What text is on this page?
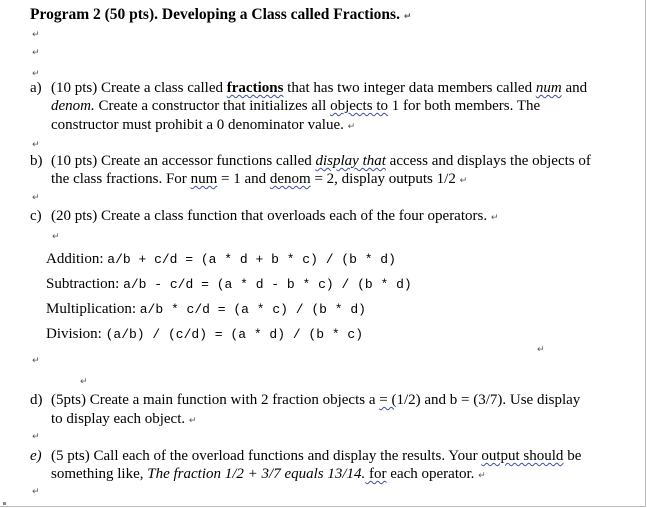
Program 2 (50 pts). Developing a Class called Fractions. ↵
↵
↵
↵
a) (10 pts) Create a class called fractions that has two integer data members called num and
denom. Create a constructor that initializes all objects to 1 for both members. The
constructor must prohibit a 0 denominator value. ↵
↵
b) (10 pts) Create an accessor functions called display that access and displays the objects of
the class fractions. For num = 1 and denom = 2, display outputs 1/2 ↵
↵
c) (20 pts) Create a class function that overloads each of the four operators. ↵
↵
Addition: a/b + c/d = (a * d + b * c) / (b * d)
Subtraction: a/b - c/d = (a * d - b * c) / (b * d)
Multiplication: a/b * c/d = (a * c) / (b * d)
Division: (a/b) / (c/d) = (a * d) / (b * c)
↵
↵
↵
d) (5pts) Create a main function with 2 fraction objects a = (1/2) and b = (3/7). Use display
to display each object. ↵
↵
e) (5 pts) Call each of the overload functions and display the results. Your output should be
something like, The fraction 1/2 + 3/7 equals 13/14. for each operator. ↵
↵
